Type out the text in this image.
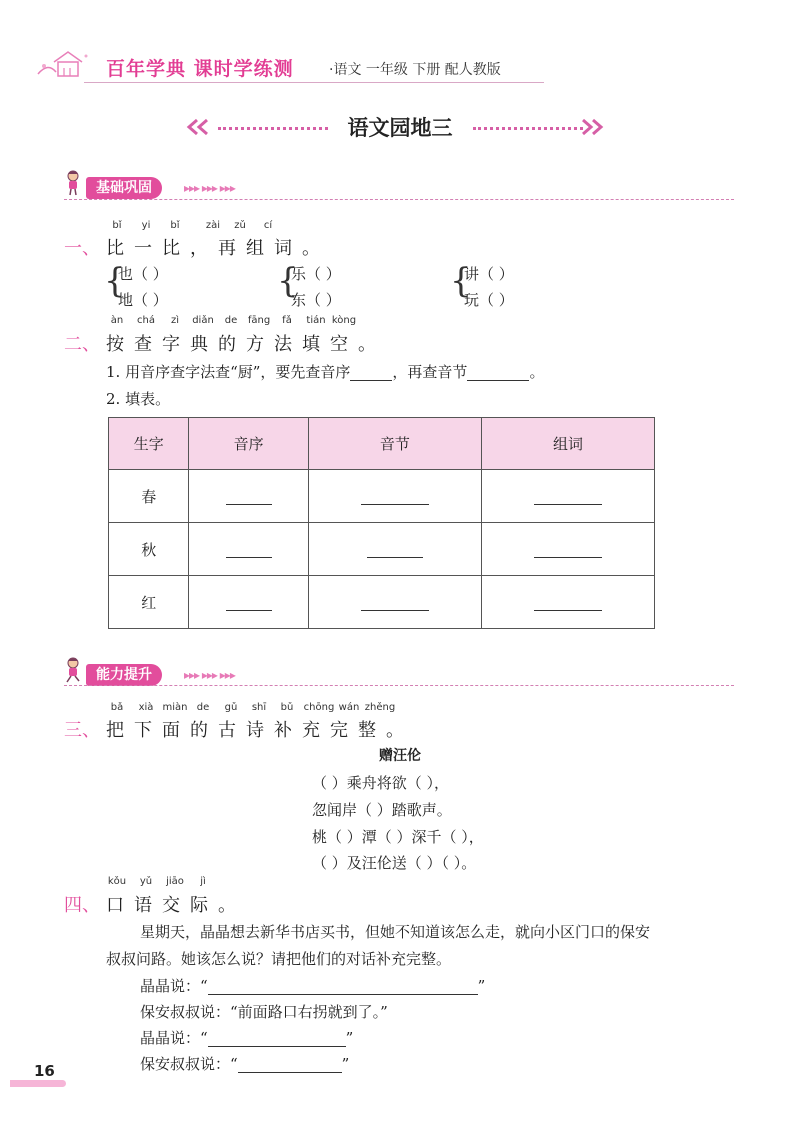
百年学典 课时学练测	·语文 一年级 下册 配人教版
语文园地三
基础巩固	▸▸▸ ▸▸▸ ▸▸▸
bǐ yi bǐ	zài zǔ cí
一、 比一比，再组词。
{
也（ ）
地（ ）	{
乐（ ）
东（ ）	{
讲（ ）
玩（ ）
àn chá zì diǎn de fāng fǎ tián kòng
二、 按查字典的方法填空。
1. 用音序查字法查“厨”，要先查音序	，再查音节	。
2. 填表。
生字	音序	音节	组词
春			
秋			
红			
能力提升	▸▸▸ ▸▸▸ ▸▸▸
bǎ xià miàn de gǔ shī bǔ chōng wán zhěng
三、 把下面的古诗补充完整。
赠汪伦
（ ）乘舟将欲（ ），
忽闻岸（ ）踏歌声。
桃（ ）潭（ ）深千（ ），
（ ）及汪伦送（ ）（ ）。
kǒu yǔ jiāo jì
四、 口语交际。
星期天，晶晶想去新华书店买书，但她不知道该怎么走，就向小区门口的保安
叔叔问路。她该怎么说？请把他们的对话补充完整。
晶晶说：“	”
保安叔叔说：“前面路口右拐就到了。”
晶晶说：“	”
保安叔叔说：“	”
16
